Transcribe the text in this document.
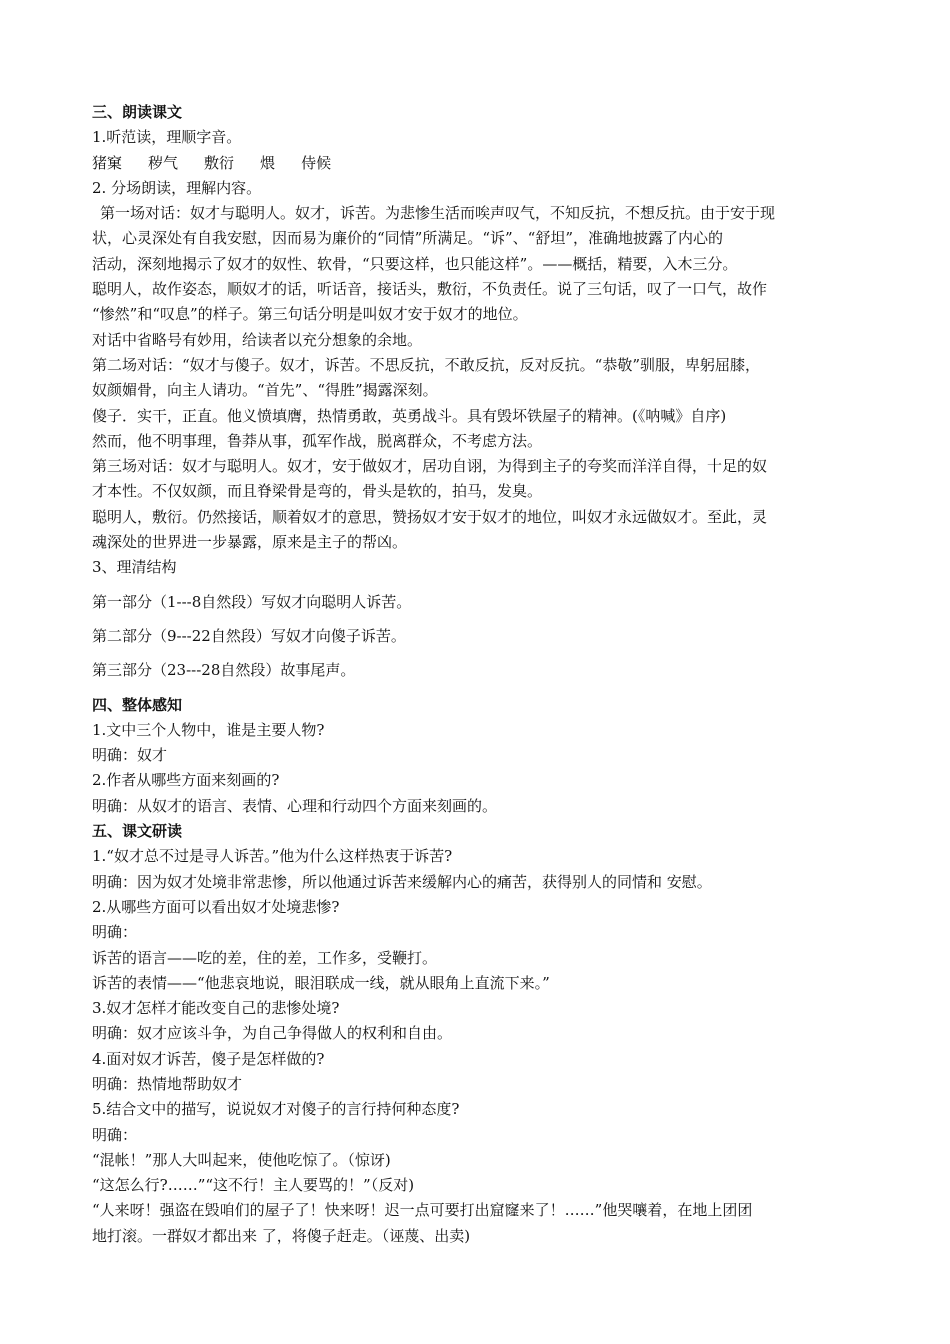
三、朗读课文

1.听范读，理顺字音。

猪窠 秽气 敷衍 煨 侍候

2. 分场朗读，理解内容。

第一场对话：奴才与聪明人。奴才，诉苦。为悲惨生活而唉声叹气，不知反抗，不想反抗。由于安于现

状，心灵深处有自我安慰，因而易为廉价的“同情”所满足。“诉”、“舒坦”，准确地披露了内心的

活动，深刻地揭示了奴才的奴性、软骨，“只要这样，也只能这样”。——概括，精要，入木三分。

聪明人，故作姿态，顺奴才的话，听话音，接话头，敷衍，不负责任。说了三句话，叹了一口气，故作

“惨然”和“叹息”的样子。第三句话分明是叫奴才安于奴才的地位。

对话中省略号有妙用，给读者以充分想象的余地。

第二场对话：“奴才与傻子。奴才，诉苦。不思反抗，不敢反抗，反对反抗。“恭敬”驯服，卑躬屈膝，

奴颜媚骨，向主人请功。“首先”、“得胜”揭露深刻。

傻子．实干，正直。他义愤填膺，热情勇敢，英勇战斗。具有毁坏铁屋子的精神。(《呐喊》自序)

然而，他不明事理，鲁莽从事，孤军作战，脱离群众，不考虑方法。

第三场对话：奴才与聪明人。奴才，安于做奴才，居功自诩，为得到主子的夸奖而洋洋自得，十足的奴

才本性。不仅奴颜，而且脊梁骨是弯的，骨头是软的，拍马，发臭。

聪明人，敷衍。仍然接话，顺着奴才的意思，赞扬奴才安于奴才的地位，叫奴才永远做奴才。至此，灵

魂深处的世界进一步暴露，原来是主子的帮凶。

3、理清结构

第一部分（1---8自然段）写奴才向聪明人诉苦。

第二部分（9---22自然段）写奴才向傻子诉苦。

第三部分（23---28自然段）故事尾声。

四、整体感知

1.文中三个人物中，谁是主要人物?

明确：奴才

2.作者从哪些方面来刻画的?

明确：从奴才的语言、表情、心理和行动四个方面来刻画的。

五、课文研读

1.“奴才总不过是寻人诉苦。”他为什么这样热衷于诉苦?

明确：因为奴才处境非常悲惨，所以他通过诉苦来缓解内心的痛苦，获得别人的同情和 安慰。

2.从哪些方面可以看出奴才处境悲惨?

明确：

诉苦的语言——吃的差，住的差，工作多，受鞭打。

诉苦的表情——“他悲哀地说，眼泪联成一线，就从眼角上直流下来。”

3.奴才怎样才能改变自己的悲惨处境?

明确：奴才应该斗争，为自己争得做人的权利和自由。

4.面对奴才诉苦，傻子是怎样做的?

明确：热情地帮助奴才

5.结合文中的描写，说说奴才对傻子的言行持何种态度?

明确：

“混帐！”那人大叫起来，使他吃惊了。（惊讶)

“这怎么行?……”“这不行！主人要骂的！”（反对)

“人来呀！强盗在毁咱们的屋子了！快来呀！迟一点可要打出窟窿来了！……”他哭嚷着，在地上团团

地打滚。一群奴才都出来 了，将傻子赶走。（诬蔑、出卖)
